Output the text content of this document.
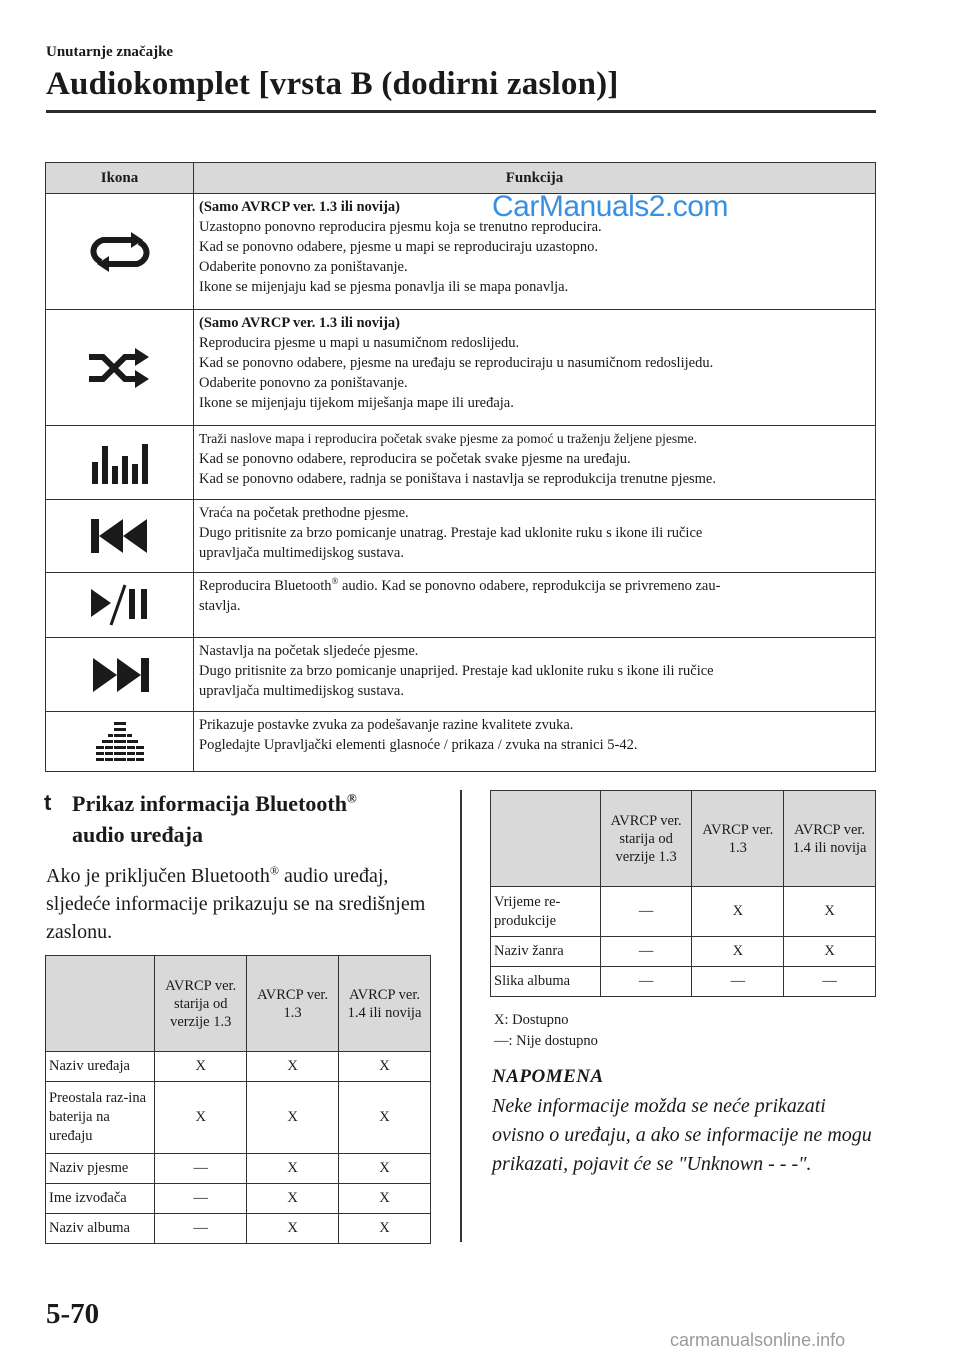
Unutarnje značajke
Audiokomplet [vrsta B (dodirni zaslon)]
Ikona	Funkcija

(Samo AVRCP ver. 1.3 ili novija)
Uzastopno ponovno reproducira pjesmu koja se trenutno reproducira.
Kad se ponovno odabere, pjesme u mapi se reproduciraju uzastopno.
Odaberite ponovno za poništavanje.
Ikone se mijenjaju kad se pjesma ponavlja ili se mapa ponavlja.

(Samo AVRCP ver. 1.3 ili novija)
Reproducira pjesme u mapi u nasumičnom redoslijedu.
Kad se ponovno odabere, pjesme na uređaju se reproduciraju u nasumičnom redoslijedu.
Odaberite ponovno za poništavanje.
Ikone se mijenjaju tijekom miješanja mape ili uređaja.

Traži naslove mapa i reproducira početak svake pjesme za pomoć u traženju željene pjesme.
Kad se ponovno odabere, reproducira se početak svake pjesme na uređaju.
Kad se ponovno odabere, radnja se poništava i nastavlja se reprodukcija trenutne pjesme.

Vraća na početak prethodne pjesme.
Dugo pritisnite za brzo pomicanje unatrag. Prestaje kad uklonite ruku s ikone ili ručice
upravljača multimedijskog sustava.

Reproducira Bluetooth® audio. Kad se ponovno odabere, reprodukcija se privremeno zau-
stavlja.

Nastavlja na početak sljedeće pjesme.
Dugo pritisnite za brzo pomicanje unaprijed. Prestaje kad uklonite ruku s ikone ili ručice
upravljača multimedijskog sustava.

Prikazuje postavke zvuka za podešavanje razine kvalitete zvuka.
Pogledajte Upravljački elementi glasnoće / prikaza / zvuka na stranici 5-42.
CarManuals2.com
t Prikaz informacija Bluetooth®
audio uređaja
Ako je priključen Bluetooth® audio uređaj, sljedeće informacije prikazuju se na središnjem zaslonu.
	AVRCP ver. starija od verzije 1.3	AVRCP ver. 1.3	AVRCP ver. 1.4 ili novija
Naziv uređaja	X	X	X
Preostala raz-ina baterija na uređaju	X	X	X
Naziv pjesme	—	X	X
Ime izvođača	—	X	X
Naziv albuma	—	X	X
	AVRCP ver. starija od verzije 1.3	AVRCP ver. 1.3	AVRCP ver. 1.4 ili novija
Vrijeme re-produkcije	—	X	X
Naziv žanra	—	X	X
Slika albuma	—	—	—
X: Dostupno
—: Nije dostupno
NAPOMENA
Neke informacije možda se neće prikazati ovisno o uređaju, a ako se informacije ne mogu prikazati, pojavit će se "Unknown - - -".
5-70
carmanualsonline.info
